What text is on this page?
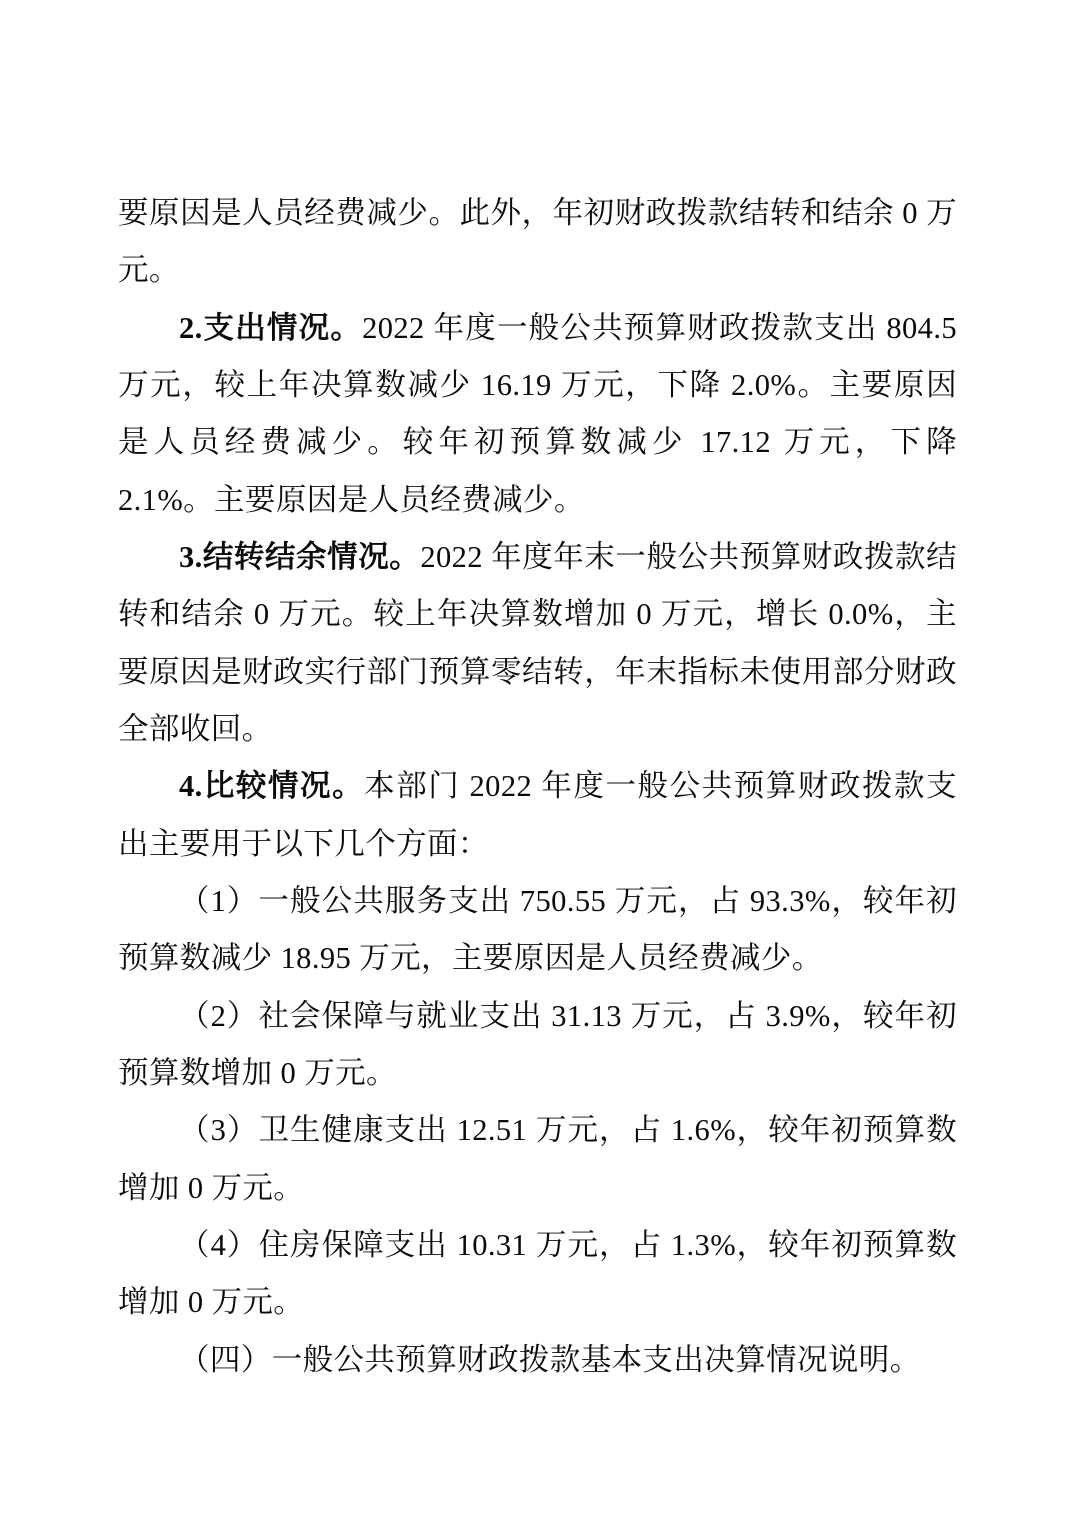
要原因是人员经费减少。此外，年初财政拨款结转和结余 0 万元。

2.支出情况。2022 年度一般公共预算财政拨款支出 804.5 万元，较上年决算数减少 16.19 万元，下降 2.0%。主要原因是人员经费减少。较年初预算数减少 17.12 万元，下降 2.1%。主要原因是人员经费减少。

3.结转结余情况。2022 年度年末一般公共预算财政拨款结转和结余 0 万元。较上年决算数增加 0 万元，增长 0.0%，主要原因是财政实行部门预算零结转，年末指标未使用部分财政全部收回。

4.比较情况。本部门 2022 年度一般公共预算财政拨款支出主要用于以下几个方面：

（1）一般公共服务支出 750.55 万元，占 93.3%，较年初预算数减少 18.95 万元，主要原因是人员经费减少。

（2）社会保障与就业支出 31.13 万元，占 3.9%，较年初预算数增加 0 万元。

（3）卫生健康支出 12.51 万元，占 1.6%，较年初预算数增加 0 万元。

（4）住房保障支出 10.31 万元，占 1.3%，较年初预算数增加 0 万元。

（四）一般公共预算财政拨款基本支出决算情况说明。
